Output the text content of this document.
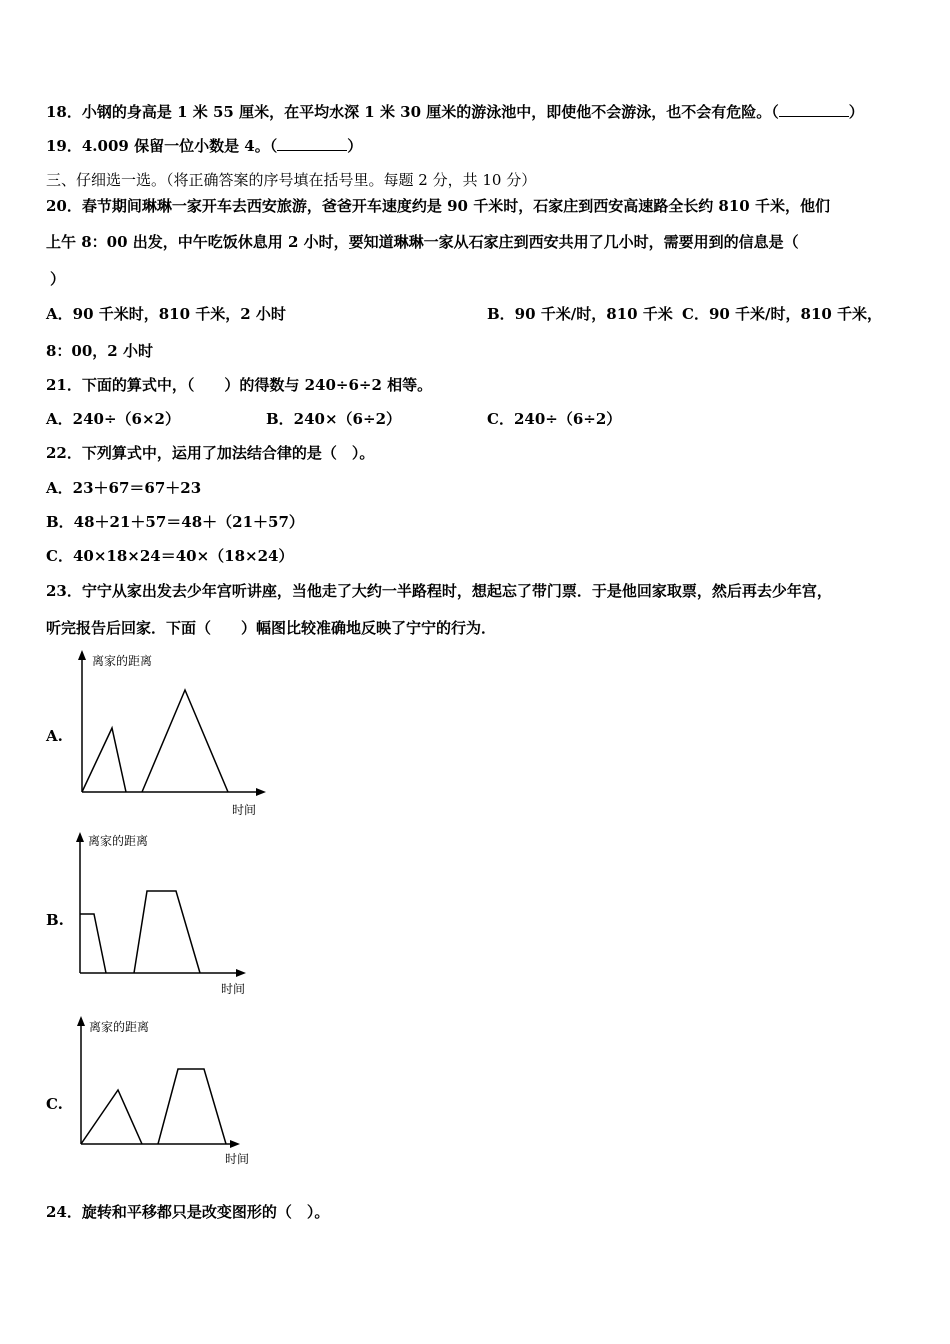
18．小钢的身高是 1 米 55 厘米，在平均水深 1 米 30 厘米的游泳池中，即使他不会游泳，也不会有危险。（	）
19．4.009 保留一位小数是 4。（	）
三、仔细选一选。（将正确答案的序号填在括号里。每题 2 分，共 10 分）
20．春节期间琳琳一家开车去西安旅游，爸爸开车速度约是 90 千米时，石家庄到西安高速路全长约 810 千米，他们
上午 8：00 出发，中午吃饭休息用 2 小时，要知道琳琳一家从石家庄到西安共用了几小时，需要用到的信息是（
）
A．90 千米时，810 千米，2 小时	B．90 千米/时，810 千米 C．90 千米/时，810 千米，
8：00，2 小时
21．下面的算式中，（　　）的得数与 240÷6÷2 相等。
A．240÷（6×2）	B．240×（6÷2）	C．240÷（6÷2）
22．下列算式中，运用了加法结合律的是（　）。
A．23＋67＝67＋23
B．48＋21＋57＝48＋（21＋57）
C．40×18×24＝40×（18×24）
23．宁宁从家出发去少年宫听讲座，当他走了大约一半路程时，想起忘了带门票．于是他回家取票，然后再去少年宫，
听完报告后回家．下面（　　）幅图比较准确地反映了宁宁的行为．
A.
离家的距离
时间
B.
离家的距离
时间
C.
离家的距离
时间
24．旋转和平移都只是改变图形的（　）。
